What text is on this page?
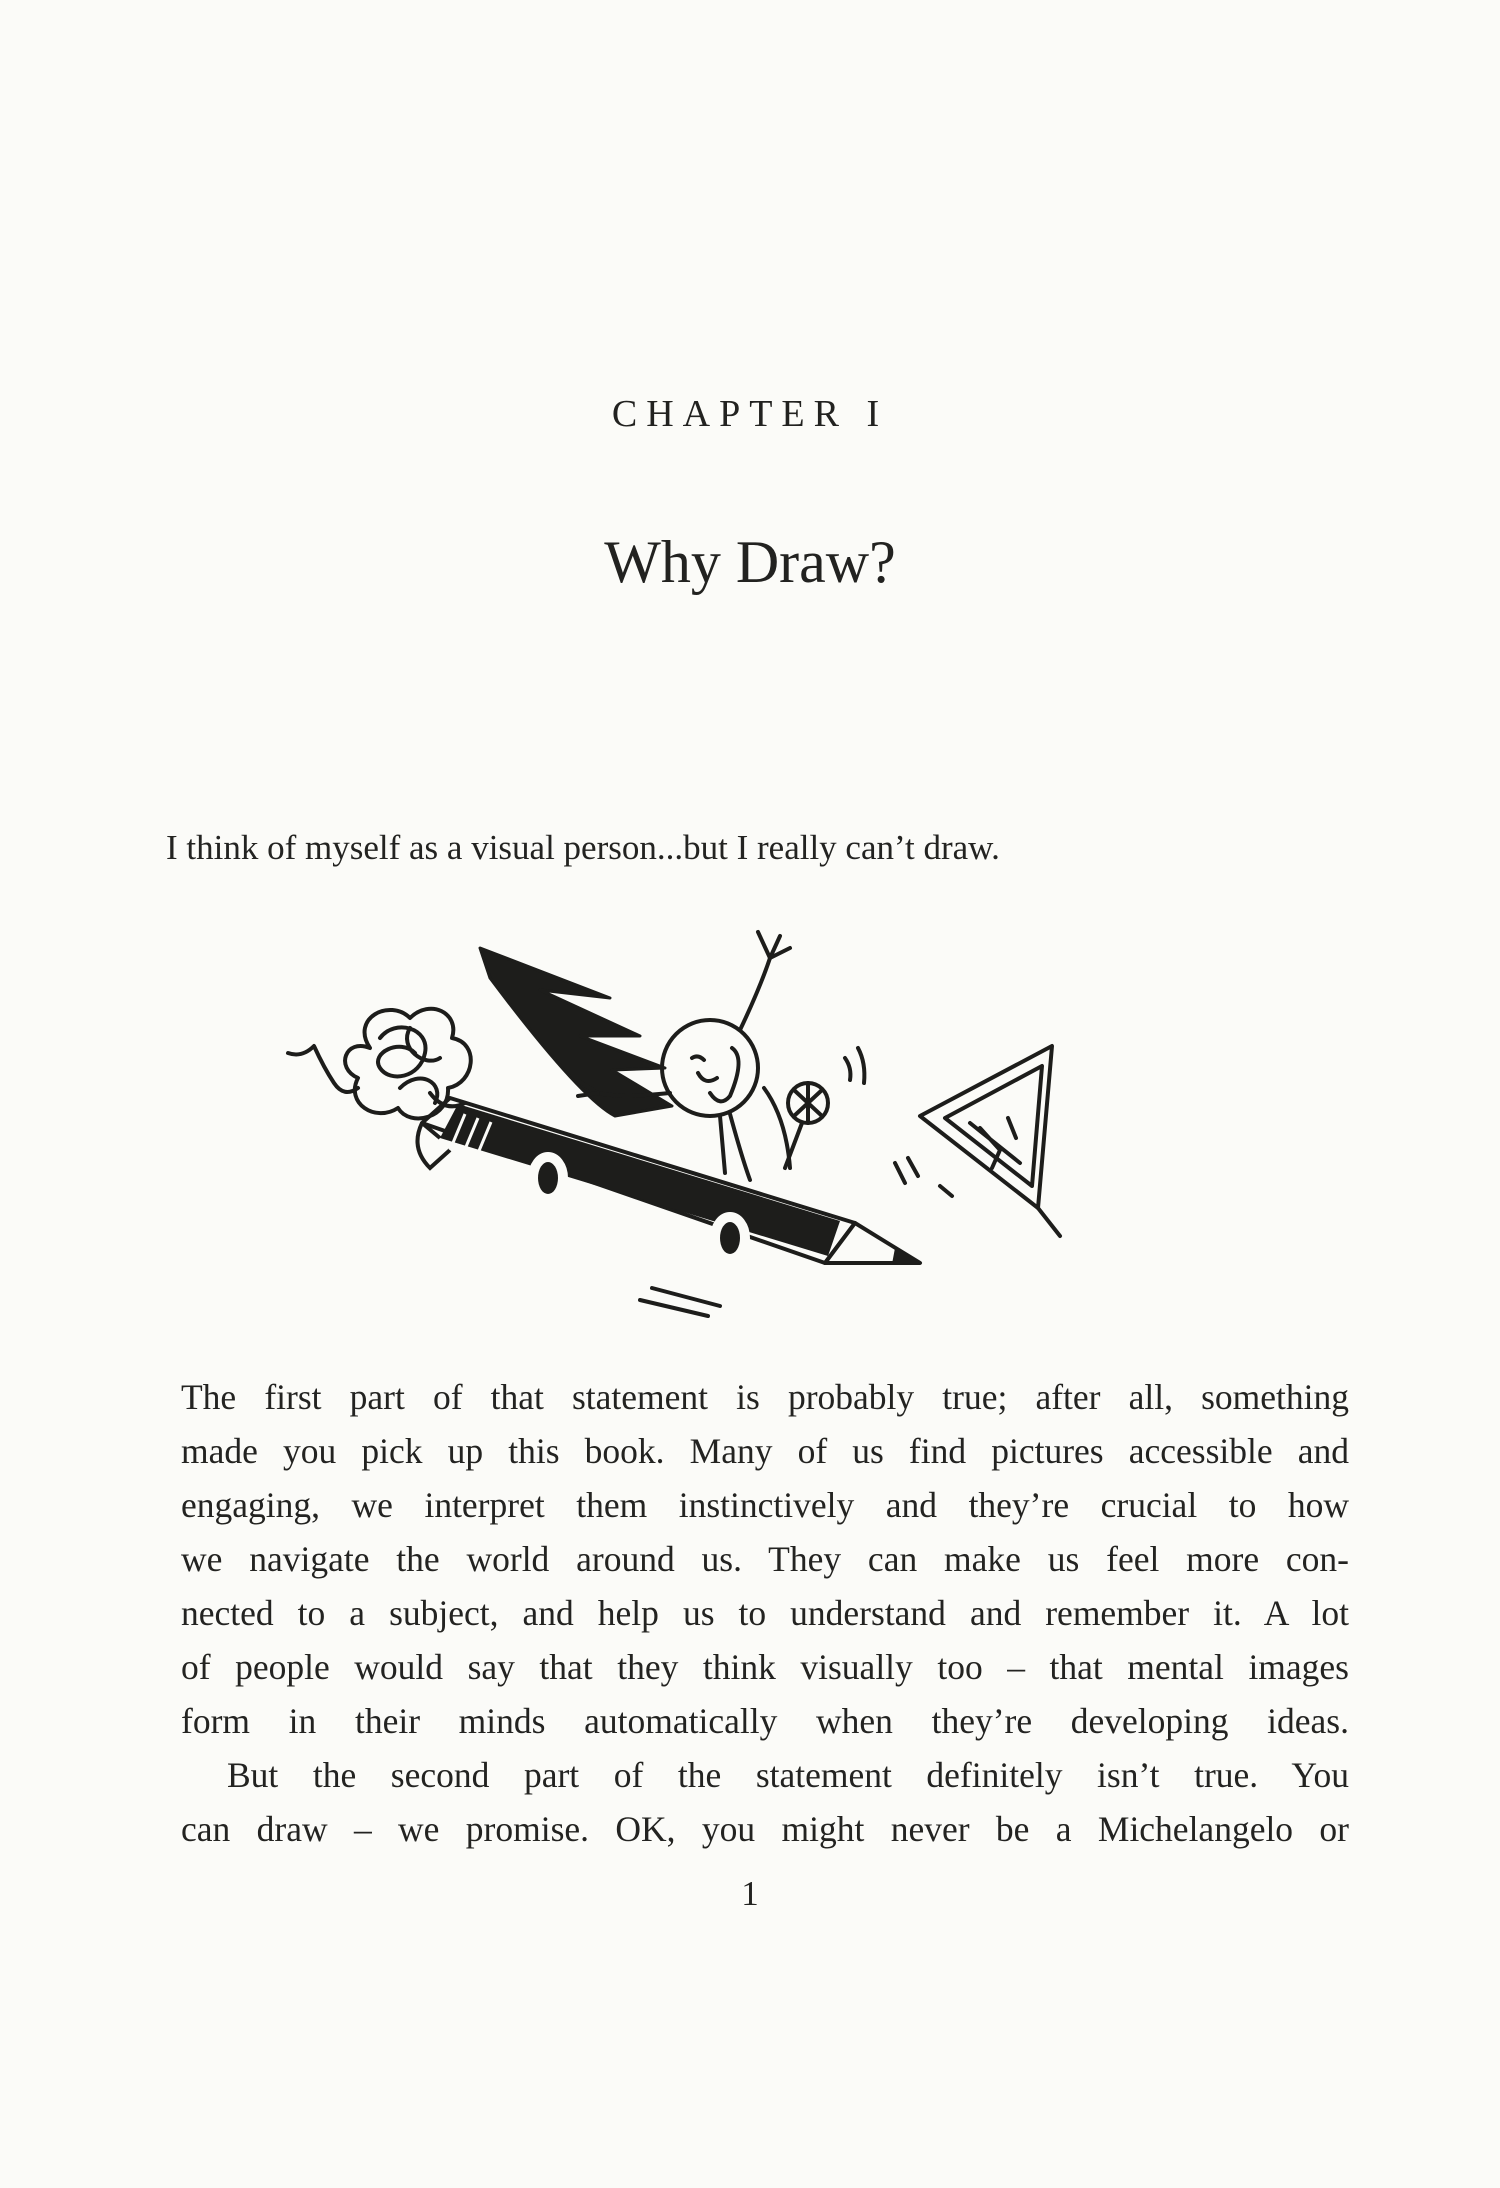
CHAPTER I
Why Draw?
I think of myself as a visual person...but I really can’t draw.
The first part of that statement is probably true; after all, something
made you pick up this book. Many of us find pictures accessible and
engaging, we interpret them instinctively and they’re crucial to how
we navigate the world around us. They can make us feel more con-
nected to a subject, and help us to understand and remember it. A lot
of people would say that they think visually too – that mental images
form in their minds automatically when they’re developing ideas.
But the second part of the statement definitely isn’t true. You
can draw – we promise. OK, you might never be a Michelangelo or
1
